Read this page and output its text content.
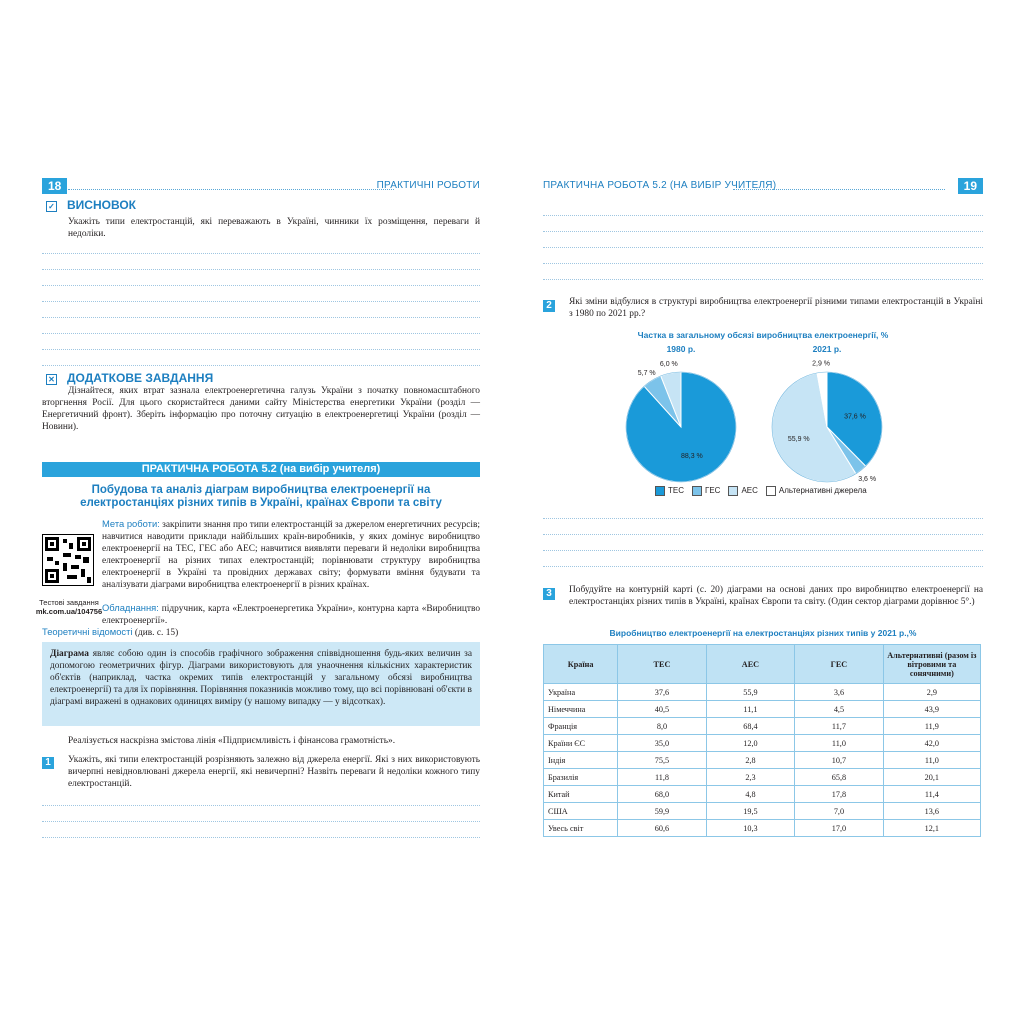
18	ПРАКТИЧНІ РОБОТИ
✓ ВИСНОВОК
Укажіть типи електростанцій, які переважають в Україні, чинники їх розміщення, переваги й недоліки.
✕ ДОДАТКОВЕ ЗАВДАННЯ
Дізнайтеся, яких втрат зазнала електроенергетична галузь України з початку повномасштабного вторгнення Росії. Для цього скористайтеся даними сайту Міністерства енергетики України (розділ — Енергетичний фронт). Зберіть інформацію про поточну ситуацію в електроенергетиці України (розділ — Новини).
ПРАКТИЧНА РОБОТА 5.2 (на вибір учителя)
Побудова та аналіз діаграм виробництва електроенергії на електростанціях різних типів в Україні, країнах Європи та світу
Тестові завдання
mk.com.ua/104756
Мета роботи: закріпити знання про типи електростанцій за джерелом енергетичних ресурсів; навчитися наводити приклади найбільших країн-виробників, у яких домінує виробництво електроенергії на ТЕС, ГЕС або АЕС; навчитися виявляти переваги й недоліки виробництва електроенергії на різних типах електростанцій; порівнювати структуру виробництва електроенергії в Україні та провідних державах світу; формувати вміння будувати та аналізувати діаграми виробництва електроенергії в різних країнах.
Обладнання: підручник, карта «Електроенергетика України», контурна карта «Виробництво електроенергії».
Теоретичні відомості (див. с. 15)
Діаграма являє собою один із способів графічного зображення співвідношення будь-яких величин за допомогою геометричних фігур. Діаграми використовують для унаочнення кількісних характеристик об'єктів (наприклад, частка окремих типів електростанцій у загальному обсязі виробництва електроенергії) та для їх порівняння. Порівняння показників можливо тому, що всі порівнювані об'єкти в діаграмі виражені в однакових одиницях виміру (у нашому випадку — у відсотках).
Реалізується наскрізна змістова лінія «Підприємливість і фінансова грамотність».
1	Укажіть, які типи електростанцій розрізняють залежно від джерела енергії. Які з них використовують вичерпні невідновлювані джерела енергії, які невичерпні? Назвіть переваги й недоліки кожного типу електростанцій.
ПРАКТИЧНА РОБОТА 5.2 (НА ВИБІР УЧИТЕЛЯ)	19
2	Які зміни відбулися в структурі виробництва електроенергії різними типами електростанцій в Україні з 1980 по 2021 рр.?
Частка в загальному обсязі виробництва електроенергії, %
1980 р.
88,3 %
5,7 %
6,0 %
2021 р.
37,6 %
3,6 %
55,9 %
2,9 %
ТЕС	ГЕС	АЕС	Альтернативні джерела
3	Побудуйте на контурній карті (с. 20) діаграми на основі даних про виробництво електроенергії на електростанціях різних типів в Україні, країнах Європи та світу. (Один сектор діаграми дорівнює 5°.)
Виробництво електроенергії на електростанціях різних типів у 2021 р.,%
Країна	ТЕС	АЕС	ГЕС	Альтернативні (разом із вітровими та сонячними)
Україна	37,6	55,9	3,6	2,9
Німеччина	40,5	11,1	4,5	43,9
Франція	8,0	68,4	11,7	11,9
Країни ЄС	35,0	12,0	11,0	42,0
Індія	75,5	2,8	10,7	11,0
Бразилія	11,8	2,3	65,8	20,1
Китай	68,0	4,8	17,8	11,4
США	59,9	19,5	7,0	13,6
Увесь світ	60,6	10,3	17,0	12,1
